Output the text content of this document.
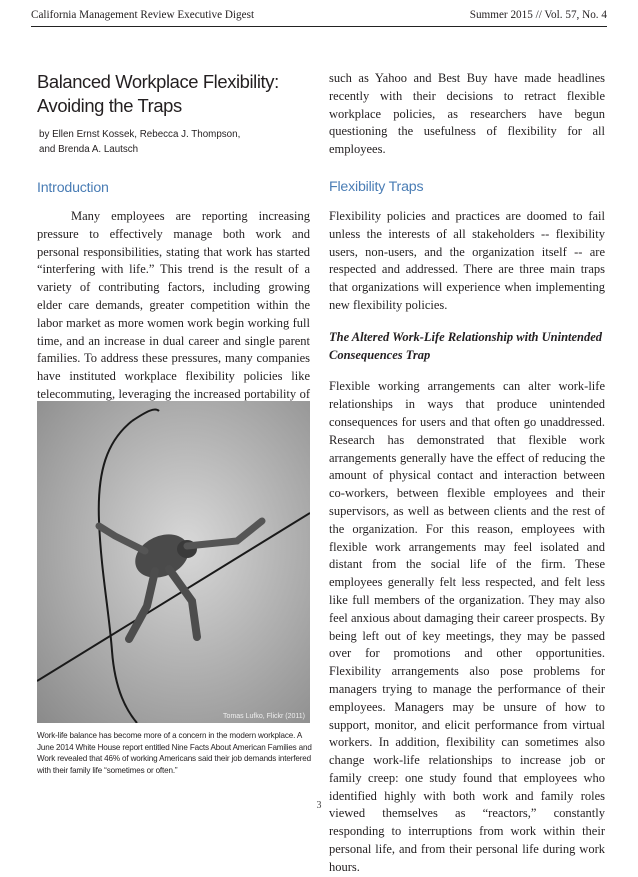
California Management Review Executive Digest	Summer 2015 // Vol. 57, No. 4
Balanced Workplace Flexibility:
Avoiding the Traps

by Ellen Ernst Kossek, Rebecca J. Thompson,
and Brenda A. Lautsch

Introduction

Many employees are reporting increasing pressure to effectively manage both work and personal responsibilities, stating that work has started “interfering with life.” This trend is the result of a variety of contributing factors, including growing elder care demands, greater competition within the labor market as more women work begin working full time, and an increase in dual career and single parent families. To address these pressures, many companies have instituted workplace flexibility policies like telecommuting, leveraging the increased portability of

Tomas Lufko, Flickr (2011)

Work-life balance has become more of a concern in the modern workplace. A June 2014 White House report entitled Nine Facts About American Families and Work revealed that 46% of working Americans said their job demands interfered with their family life “sometimes or often.”

such as Yahoo and Best Buy have made headlines recently with their decisions to retract flexible workplace policies, as researchers have begun questioning the usefulness of flexibility for all employees.

Flexibility Traps

Flexibility policies and practices are doomed to fail unless the interests of all stakeholders -- flexibility users, non-users, and the organization itself -- are respected and addressed. There are three main traps that organizations will experience when implementing new flexibility policies.

The Altered Work-Life Relationship with Unintended Consequences Trap

Flexible working arrangements can alter work-life relationships in ways that produce unintended consequences for users and that often go unaddressed. Research has demonstrated that flexible work arrangements generally have the effect of reducing the amount of physical contact and interaction between co-workers, between flexible employees and their supervisors, as well as between clients and the rest of the organization. For this reason, employees with flexible work arrangements may feel isolated and distant from the social life of the firm. These employees generally felt less respected, and felt less like full members of the organization. They may also feel anxious about damaging their career prospects. By being left out of key meetings, they may be passed over for promotions and other opportunities. Flexibility arrangements also pose problems for managers trying to manage the performance of their employees. Managers may be unsure of how to support, monitor, and elicit performance from virtual workers. In addition, flexibility can sometimes also change work-life relationships to increase job or family creep: one study found that employees who identified highly with both work and family roles viewed themselves as “reactors,” constantly responding to interruptions from work within their personal life, and from their personal life during work hours.

3
